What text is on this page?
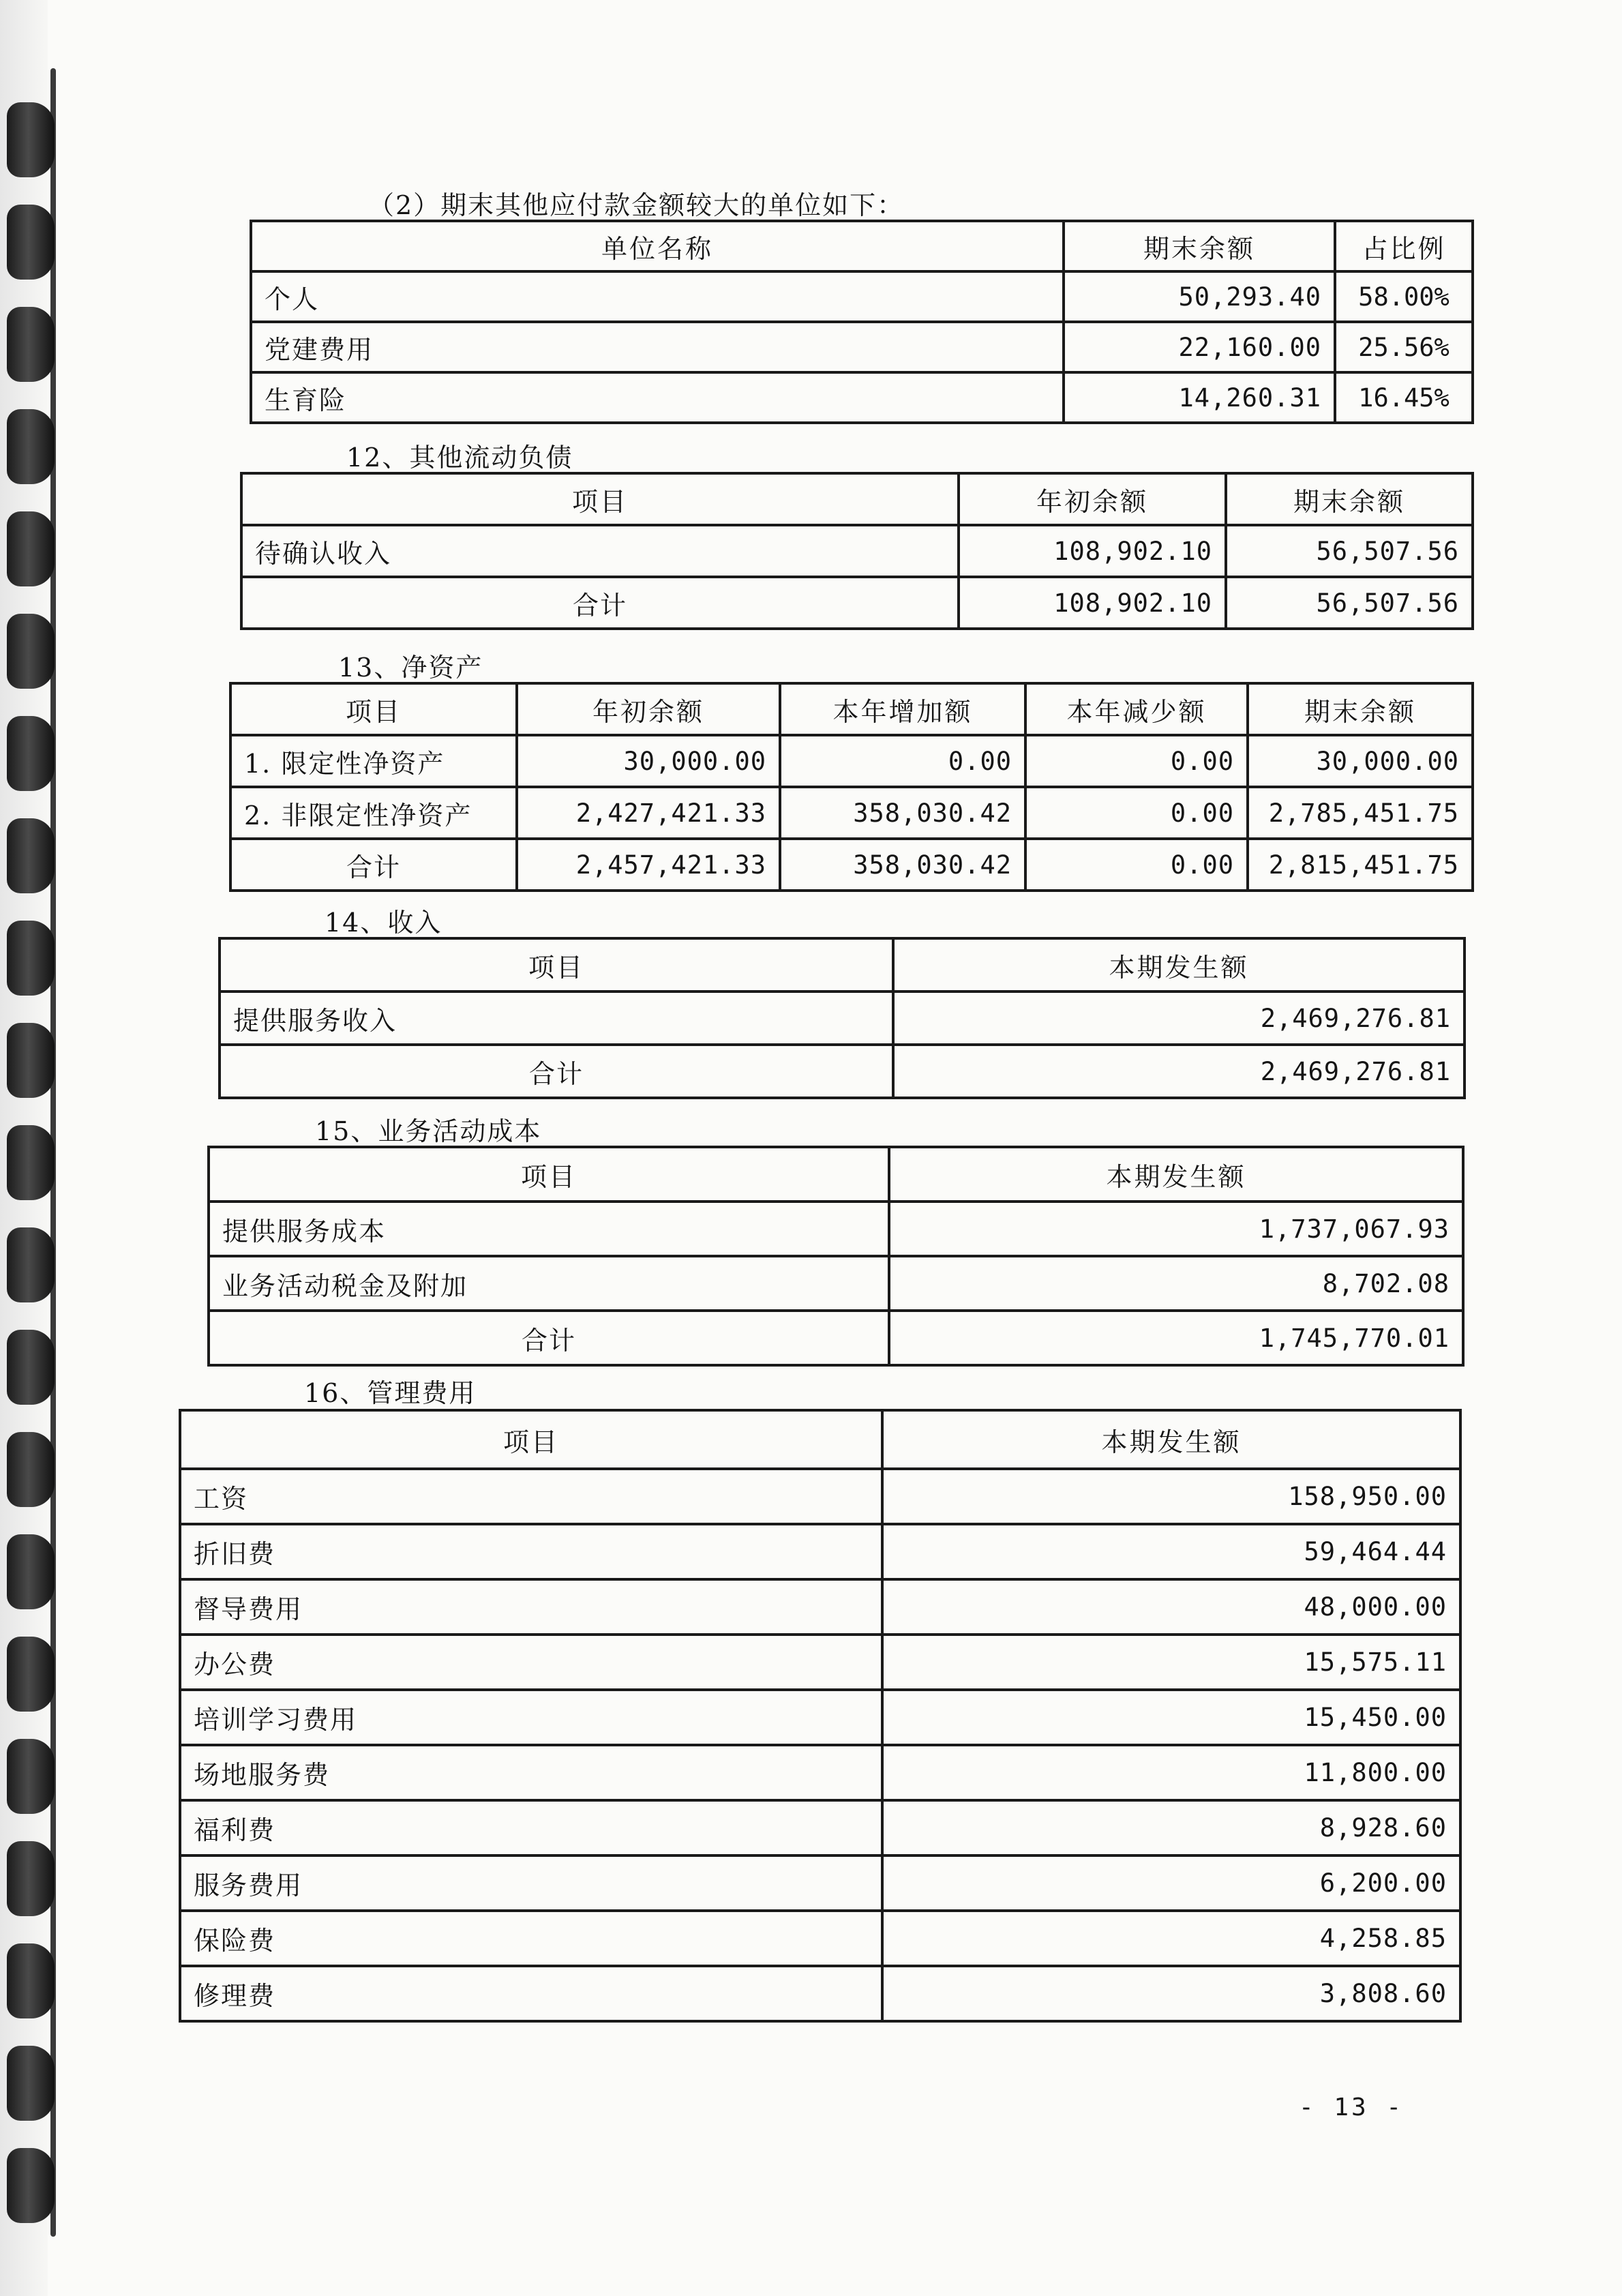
（2）期末其他应付款金额较大的单位如下：
单位名称	期末余额	占比例
个人	50,293.40	58.00%
党建费用	22,160.00	25.56%
生育险	14,260.31	16.45%
12、其他流动负债
项目	年初余额	期末余额
待确认收入	108,902.10	56,507.56
合计	108,902.10	56,507.56
13、净资产
项目	年初余额	本年增加额	本年减少额	期末余额
1. 限定性净资产	30,000.00	0.00	0.00	30,000.00
2. 非限定性净资产	2,427,421.33	358,030.42	0.00	2,785,451.75
合计	2,457,421.33	358,030.42	0.00	2,815,451.75
14、收入
项目	本期发生额
提供服务收入	2,469,276.81
合计	2,469,276.81
15、业务活动成本
项目	本期发生额
提供服务成本	1,737,067.93
业务活动税金及附加	8,702.08
合计	1,745,770.01
16、管理费用
项目	本期发生额
工资	158,950.00
折旧费	59,464.44
督导费用	48,000.00
办公费	15,575.11
培训学习费用	15,450.00
场地服务费	11,800.00
福利费	8,928.60
服务费用	6,200.00
保险费	4,258.85
修理费	3,808.60
- 13 -
